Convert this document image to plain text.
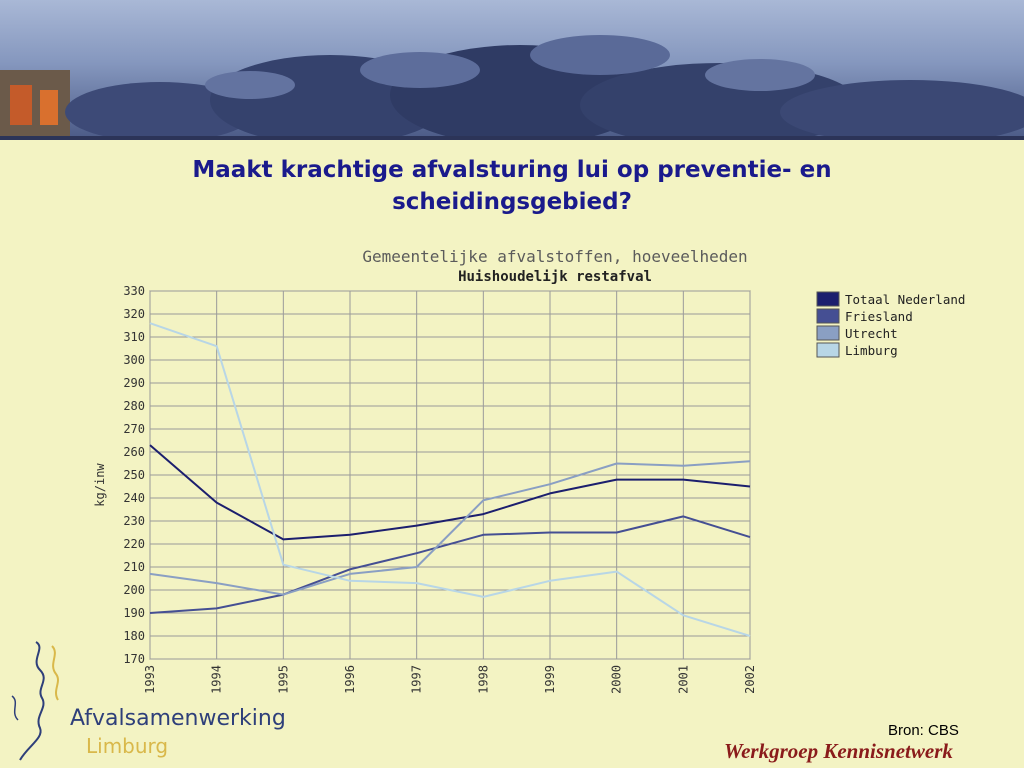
Maakt krachtige afvalsturing lui op preventie- en scheidingsgebied?
Gemeentelijke afvalstoffen, hoeveelheden
Huishoudelijk restafval
kg/inw
170
180
190
200
210
220
230
240
250
260
270
280
290
300
310
320
330
1993	1994	1995	1996	1997	1998	1999	2000	2001	2002
Totaal Nederland
Friesland
Utrecht
Limburg
Bron: CBS
Werkgroep Kennisnetwerk
Afvalsamenwerking
Limburg
